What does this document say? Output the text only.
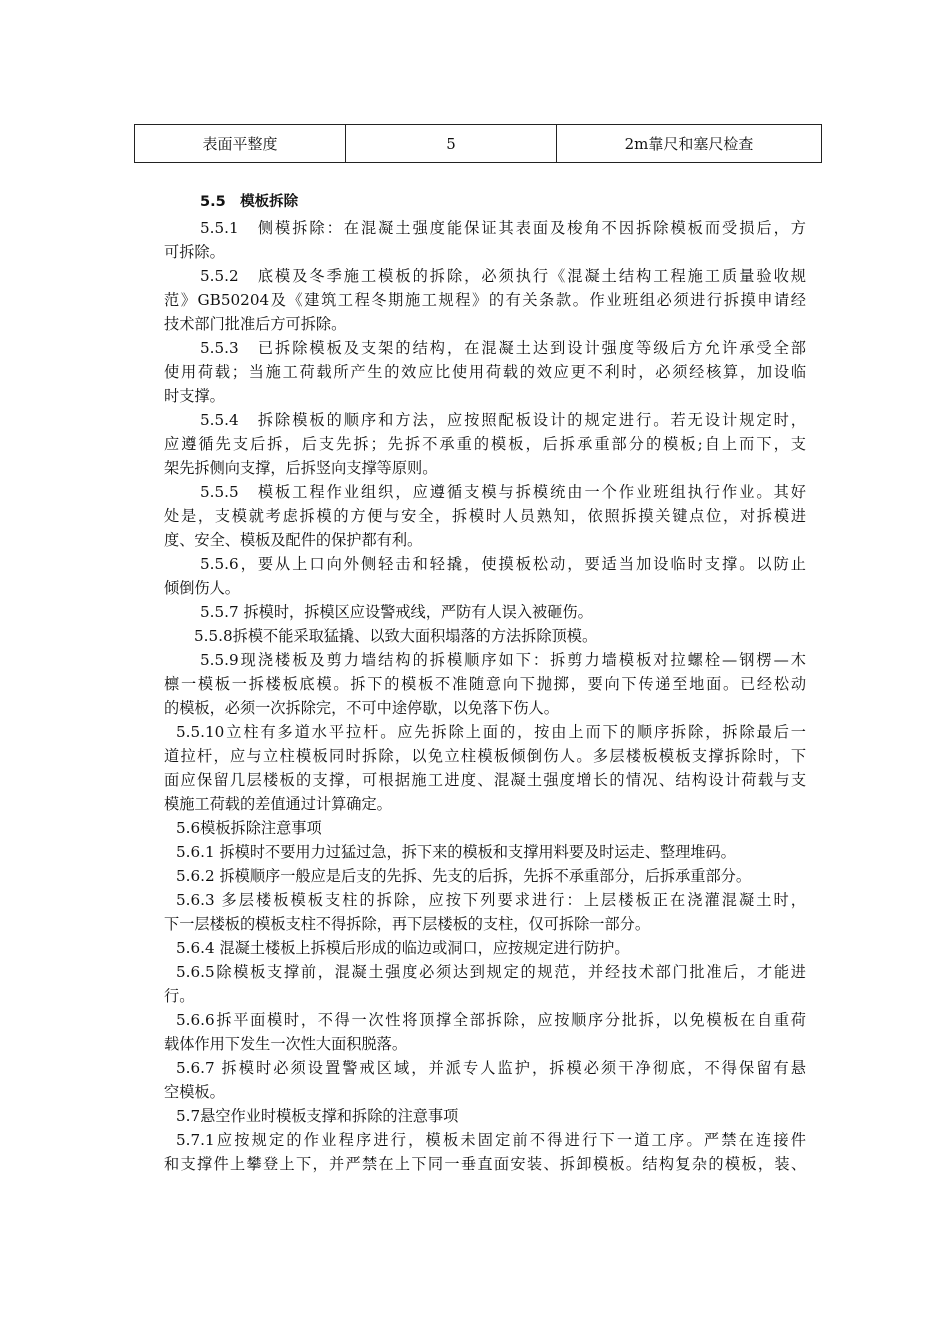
表面平整度	5	2m靠尺和塞尺检查
5.5　模板拆除
5.5.1　侧模拆除：在混凝土强度能保证其表面及梭角不因拆除模板而受损后，方
可拆除。
5.5.2　底模及冬季施工模板的拆除，必须执行《混凝土结构工程施工质量验收规
范》GB50204及《建筑工程冬期施工规程》的有关条款。作业班组必须进行拆摸申请经
技术部门批准后方可拆除。
5.5.3　已拆除模板及支架的结构，在混凝土达到设计强度等级后方允许承受全部
使用荷载；当施工荷载所产生的效应比使用荷载的效应更不利时，必须经核算，加设临
时支撑。
5.5.4　拆除模板的顺序和方法，应按照配板设计的规定进行。若无设计规定时，
应遵循先支后拆，后支先拆；先拆不承重的模板，后拆承重部分的模板;自上而下，支
架先拆侧向支撑，后拆竖向支撑等原则。
5.5.5　模板工程作业组织，应遵循支模与拆模统由一个作业班组执行作业。其好
处是，支模就考虑拆模的方便与安全，拆模时人员熟知，依照拆摸关键点位，对拆模进
度、安全、模板及配件的保护都有利。
5.5.6，要从上口向外侧轻击和轻撬，使摸板松动，要适当加设临时支撑。以防止
倾倒伤人。
5.5.7 拆模时，拆模区应设警戒线，严防有人误入被砸伤。
5.5.8拆模不能采取猛撬、以致大面积塌落的方法拆除顶模。
5.5.9现浇楼板及剪力墙结构的拆模顺序如下：拆剪力墙模板对拉螺栓—钢楞—木
檩一模板一拆楼板底模。拆下的模板不准随意向下抛掷，要向下传递至地面。已经松动
的模板，必须一次拆除完，不可中途停歇，以免落下伤人。
5.5.10立柱有多道水平拉杆。应先拆除上面的，按由上而下的顺序拆除，拆除最后一
道拉杆，应与立柱模板同时拆除，以免立柱模板倾倒伤人。多层楼板模板支撑拆除时，下
面应保留几层楼板的支撑，可根据施工进度、混凝土强度增长的情况、结构设计荷载与支
模施工荷载的差值通过计算确定。
5.6模板拆除注意事项
5.6.1 拆模时不要用力过猛过急，拆下来的模板和支撑用料要及时运走、整理堆码。
5.6.2 拆模顺序一般应是后支的先拆、先支的后拆，先拆不承重部分，后拆承重部分。
5.6.3 多层楼板模板支柱的拆除，应按下列要求进行：上层楼板正在浇灌混凝土时，
下一层楼板的模板支柱不得拆除，再下层楼板的支柱，仅可拆除一部分。
5.6.4 混凝土楼板上拆模后形成的临边或洞口，应按规定进行防护。
5.6.5除模板支撑前，混凝土强度必须达到规定的规范，并经技术部门批准后，才能进
行。
5.6.6拆平面模时，不得一次性将顶撑全部拆除，应按顺序分批拆，以免模板在自重荷
载体作用下发生一次性大面积脱落。
5.6.7 拆模时必须设置警戒区域，并派专人监护，拆模必须干净彻底，不得保留有悬
空模板。
5.7悬空作业时模板支撑和拆除的注意事项
5.7.1应按规定的作业程序进行，模板未固定前不得进行下一道工序。严禁在连接件
和支撑件上攀登上下，并严禁在上下同一垂直面安装、拆卸模板。结构复杂的模板，装、
